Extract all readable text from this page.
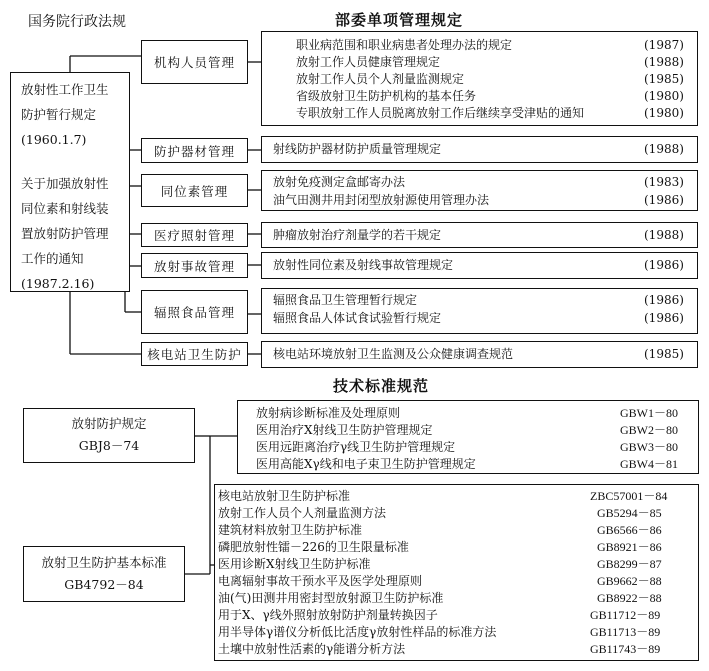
国务院行政法规	部委单项管理规定
技术标准规范
放射性工作卫生
防护暂行规定
(1960.1.7)
关于加强放射性
同位素和射线装
置放射防护管理
工作的通知
(1987.2.16)
机构人员管理
防护器材管理
同位素管理
医疗照射管理
放射事故管理
辐照食品管理
核电站卫生防护
职业病范围和职业病患者处理办法的规定	(1987)
放射工作人员健康管理规定	(1988)
放射工作人员个人剂量监测规定	(1985)
省级放射卫生防护机构的基本任务	(1980)
专职放射工作人员脱离放射工作后继续享受津贴的通知	(1980)
射线防护器材防护质量管理规定	(1988)
放射免疫测定盒邮寄办法	(1983)
油气田测井用封闭型放射源使用管理办法	(1986)
肿瘤放射治疗剂量学的若干规定	(1988)
放射性同位素及射线事故管理规定	(1986)
辐照食品卫生管理暂行规定	(1986)
辐照食品人体试食试验暂行规定	(1986)
核电站环境放射卫生监测及公众健康调查规范	(1985)
放射防护规定
GBJ8－74
放射卫生防护基本标准
GB4792－84
放射病诊断标准及处理原则	GBW1－80
医用治疗X射线卫生防护管理规定	GBW2－80
医用远距离治疗γ线卫生防护管理规定	GBW3－80
医用高能Xγ线和电子束卫生防护管理规定	GBW4－81
核电站放射卫生防护标准	ZBC57001－84
放射工作人员个人剂量监测方法	GB5294－85
建筑材料放射卫生防护标准	GB6566－86
磷肥放射性镭－226的卫生限量标准	GB8921－86
医用诊断X射线卫生防护标准	GB8299－87
电离辐射事故干预水平及医学处理原则	GB9662－88
油(气)田测井用密封型放射源卫生防护标准	GB8922－88
用于X、γ线外照射放射防护剂量转换因子	GB11712－89
用半导体γ谱仪分析低比活度γ放射性样品的标准方法	GB11713－89
土壤中放射性活素的γ能谱分析方法	GB11743－89
